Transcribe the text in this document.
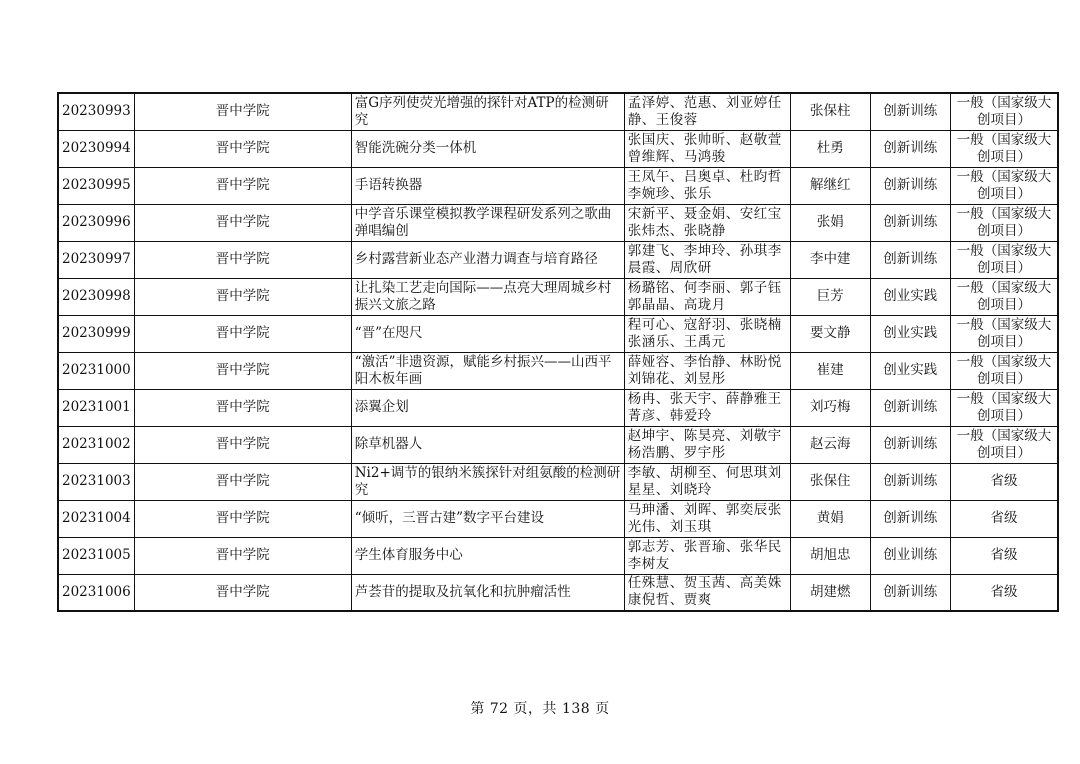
20230993	晋中学院	富G序列使荧光增强的探针对ATP的检测研究	孟泽婷、范惠、刘亚婷任静、王俊蓉	张保柱	创新训练	一般（国家级大创项目）
20230994	晋中学院	智能洗碗分类一体机	张国庆、张帅昕、赵敬萱曾维辉、马鸿骏	杜勇	创新训练	一般（国家级大创项目）
20230995	晋中学院	手语转换器	王凤午、吕奥卓、杜昀哲李婉珍、张乐	解继红	创新训练	一般（国家级大创项目）
20230996	晋中学院	中学音乐课堂模拟教学课程研发系列之歌曲弹唱编创	宋新平、聂金娟、安红宝张炜杰、张晓静	张娟	创新训练	一般（国家级大创项目）
20230997	晋中学院	乡村露营新业态产业潜力调查与培育路径	郭建飞、李坤玲、孙琪李晨霞、周欣研	李中建	创新训练	一般（国家级大创项目）
20230998	晋中学院	让扎染工艺走向国际——点亮大理周城乡村振兴文旅之路	杨璐铭、何李丽、郭子钰郭晶晶、高珑月	巨芳	创业实践	一般（国家级大创项目）
20230999	晋中学院	“晋”在咫尺	程可心、寇舒羽、张晓楠张涵乐、王禹元	要文静	创业实践	一般（国家级大创项目）
20231000	晋中学院	“激活”非遗资源，赋能乡村振兴——山西平阳木板年画	薛娅容、李怡静、林盼悦刘锦花、刘昱彤	崔建	创业实践	一般（国家级大创项目）
20231001	晋中学院	添翼企划	杨冉、张天宇、薛静雅王菁彦、韩爱玲	刘巧梅	创新训练	一般（国家级大创项目）
20231002	晋中学院	除草机器人	赵坤宇、陈昊亮、刘敬宇杨浩鹏、罗宇彤	赵云海	创新训练	一般（国家级大创项目）
20231003	晋中学院	Ni2+调节的银纳米簇探针对组氨酸的检测研究	李敏、胡柳至、何思琪刘星星、刘晓玲	张保住	创新训练	省级
20231004	晋中学院	“倾听，三晋古建”数字平台建设	马珅潘、刘晖、郭奕辰张光伟、刘玉琪	黄娟	创新训练	省级
20231005	晋中学院	学生体育服务中心	郭志芳、张晋瑜、张华民李树友	胡旭忠	创业训练	省级
20231006	晋中学院	芦荟苷的提取及抗氧化和抗肿瘤活性	任殊慧、贺玉茜、高美姝康倪哲、贾爽	胡建燃	创新训练	省级
第 72 页，共 138 页
